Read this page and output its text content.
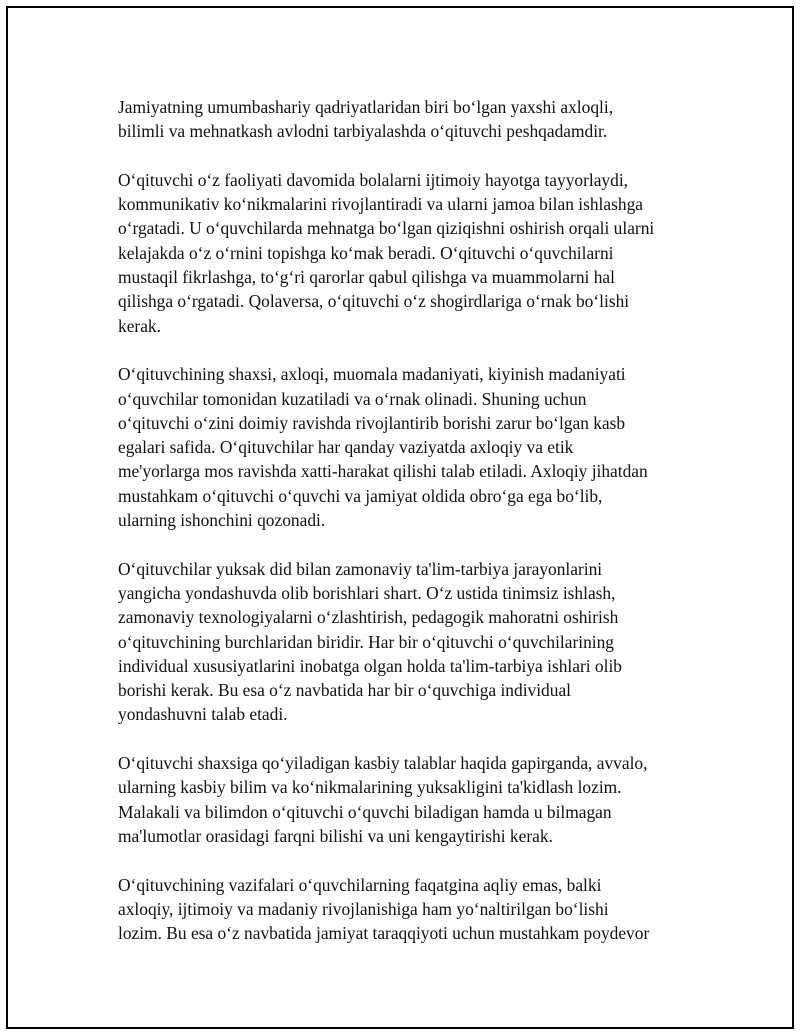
Jamiyatning umumbashariy qadriyatlaridan biri bo‘lgan yaxshi axloqli,
bilimli va mehnatkash avlodni tarbiyalashda o‘qituvchi peshqadamdir.

O‘qituvchi o‘z faoliyati davomida bolalarni ijtimoiy hayotga tayyorlaydi,
kommunikativ ko‘nikmalarini rivojlantiradi va ularni jamoa bilan ishlashga
o‘rgatadi. U o‘quvchilarda mehnatga bo‘lgan qiziqishni oshirish orqali ularni
kelajakda o‘z o‘rnini topishga ko‘mak beradi. O‘qituvchi o‘quvchilarni
mustaqil fikrlashga, to‘g‘ri qarorlar qabul qilishga va muammolarni hal
qilishga o‘rgatadi. Qolaversa, o‘qituvchi o‘z shogirdlariga o‘rnak bo‘lishi
kerak.

O‘qituvchining shaxsi, axloqi, muomala madaniyati, kiyinish madaniyati
o‘quvchilar tomonidan kuzatiladi va o‘rnak olinadi. Shuning uchun
o‘qituvchi o‘zini doimiy ravishda rivojlantirib borishi zarur bo‘lgan kasb
egalari safida. O‘qituvchilar har qanday vaziyatda axloqiy va etik
me'yorlarga mos ravishda xatti-harakat qilishi talab etiladi. Axloqiy jihatdan
mustahkam o‘qituvchi o‘quvchi va jamiyat oldida obro‘ga ega bo‘lib,
ularning ishonchini qozonadi.

O‘qituvchilar yuksak did bilan zamonaviy ta'lim-tarbiya jarayonlarini
yangicha yondashuvda olib borishlari shart. O‘z ustida tinimsiz ishlash,
zamonaviy texnologiyalarni o‘zlashtirish, pedagogik mahoratni oshirish
o‘qituvchining burchlaridan biridir. Har bir o‘qituvchi o‘quvchilarining
individual xususiyatlarini inobatga olgan holda ta'lim-tarbiya ishlari olib
borishi kerak. Bu esa o‘z navbatida har bir o‘quvchiga individual
yondashuvni talab etadi.

O‘qituvchi shaxsiga qo‘yiladigan kasbiy talablar haqida gapirganda, avvalo,
ularning kasbiy bilim va ko‘nikmalarining yuksakligini ta'kidlash lozim.
Malakali va bilimdon o‘qituvchi o‘quvchi biladigan hamda u bilmagan
ma'lumotlar orasidagi farqni bilishi va uni kengaytirishi kerak.

O‘qituvchining vazifalari o‘quvchilarning faqatgina aqliy emas, balki
axloqiy, ijtimoiy va madaniy rivojlanishiga ham yo‘naltirilgan bo‘lishi
lozim. Bu esa o‘z navbatida jamiyat taraqqiyoti uchun mustahkam poydevor
